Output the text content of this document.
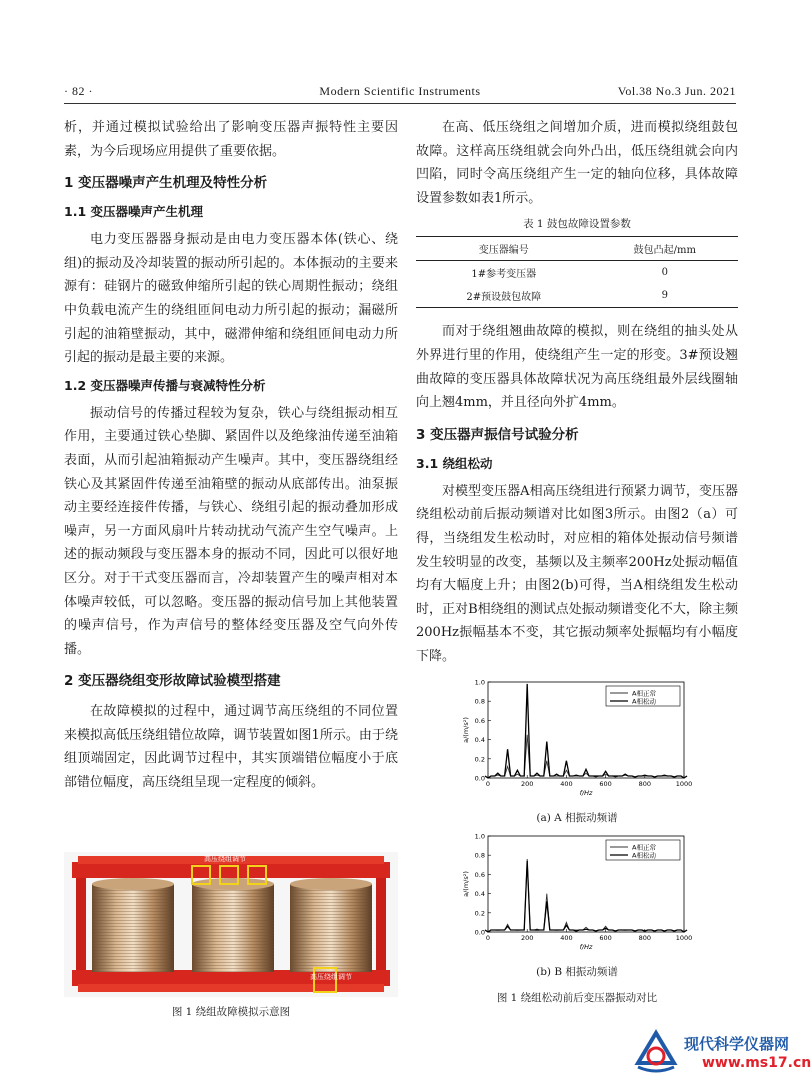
· 82 ·	Modern Scientific Instruments	Vol.38 No.3 Jun. 2021

析，并通过模拟试验给出了影响变压器声振特性主要因素，为今后现场应用提供了重要依据。

1 变压器噪声产生机理及特性分析
1.1 变压器噪声产生机理

电力变压器器身振动是由电力变压器本体(铁心、绕组)的振动及冷却装置的振动所引起的。本体振动的主要来源有：硅钢片的磁致伸缩所引起的铁心周期性振动；绕组中负载电流产生的绕组匝间电动力所引起的振动；漏磁所引起的油箱壁振动，其中，磁滞伸缩和绕组匝间电动力所引起的振动是最主要的来源。

1.2 变压器噪声传播与衰减特性分析

振动信号的传播过程较为复杂，铁心与绕组振动相互作用，主要通过铁心垫脚、紧固件以及绝缘油传递至油箱表面，从而引起油箱振动产生噪声。其中，变压器绕组经铁心及其紧固件传递至油箱壁的振动从底部传出。油泵振动主要经连接件传播，与铁心、绕组引起的振动叠加形成噪声，另一方面风扇叶片转动扰动气流产生空气噪声。上述的振动频段与变压器本身的振动不同，因此可以很好地区分。对于干式变压器而言，冷却装置产生的噪声相对本体噪声较低，可以忽略。变压器的振动信号加上其他装置的噪声信号，作为声信号的整体经变压器及空气向外传播。

2 变压器绕组变形故障试验模型搭建

在故障模拟的过程中，通过调节高压绕组的不同位置来模拟高低压绕组错位故障，调节装置如图1所示。由于绕组顶端固定，因此调节过程中，其实顶端错位幅度小于底部错位幅度，高压绕组呈现一定程度的倾斜。

高压绕组调节
高压绕组调节

图 1 绕组故障模拟示意图

在高、低压绕组之间增加介质，进而模拟绕组鼓包故障。这样高压绕组就会向外凸出，低压绕组就会向内凹陷，同时令高压绕组产生一定的轴向位移，具体故障设置参数如表1所示。

表 1 鼓包故障设置参数

变压器编号	鼓包凸起/mm
1#参考变压器	0
2#预设鼓包故障	9

而对于绕组翘曲故障的模拟，则在绕组的抽头处从外界进行里的作用，使绕组产生一定的形变。3#预设翘曲故障的变压器具体故障状况为高压绕组最外层线圈轴向上翘4mm，并且径向外扩4mm。

3 变压器声振信号试验分析
3.1 绕组松动

对模型变压器A相高压绕组进行预紧力调节，变压器绕组松动前后振动频谱对比如图3所示。由图2（a）可得，当绕组发生松动时，对应相的箱体处振动信号频谱发生较明显的改变，基频以及主频率200Hz处振动幅值均有大幅度上升；由图2(b)可得，当A相绕组发生松动时，正对B相绕组的测试点处振动频谱变化不大，除主频200Hz振幅基本不变，其它振动频率处振幅均有小幅度下降。

0.0
0.2
0.4
0.6
0.8
1.0
0	200	400	600	800	1000
f/Hz
a/(m/s²)
A相正常
A相松动

(a) A 相振动频谱

0.0
0.2
0.4
0.6
0.8
1.0
0	200	400	600	800	1000
f/Hz
a/(m/s²)
A相正常
A相松动

(b) B 相振动频谱

图 1 绕组松动前后变压器振动对比

现代科学仪器网
www.ms17.cn
